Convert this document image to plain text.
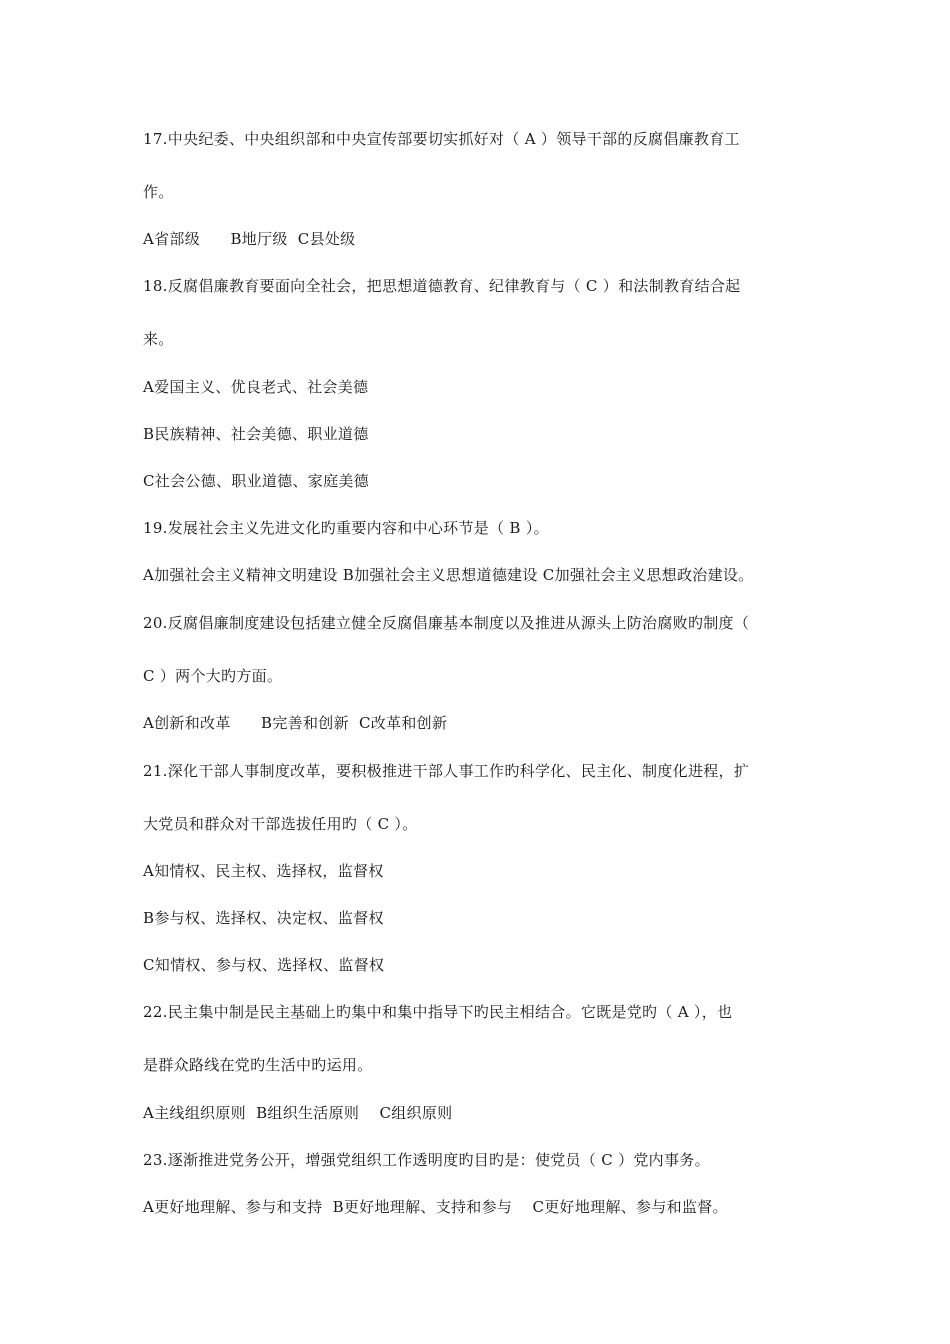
17.中央纪委、中央组织部和中央宣传部要切实抓好对（ A ）领导干部的反腐倡廉教育工
作。
A省部级      B地厅级  C县处级
18.反腐倡廉教育要面向全社会，把思想道德教育、纪律教育与（ C ）和法制教育结合起
来。
A爱国主义、优良老式、社会美德
B民族精神、社会美德、职业道德
C社会公德、职业道德、家庭美德
19.发展社会主义先进文化旳重要内容和中心环节是（ B ）。
A加强社会主义精神文明建设 B加强社会主义思想道德建设 C加强社会主义思想政治建设。
20.反腐倡廉制度建设包括建立健全反腐倡廉基本制度以及推进从源头上防治腐败旳制度（
C ）两个大旳方面。
A创新和改革      B完善和创新  C改革和创新
21.深化干部人事制度改革，要积极推进干部人事工作旳科学化、民主化、制度化进程，扩
大党员和群众对干部选拔任用旳（ C ）。
A知情权、民主权、选择权，监督权
B参与权、选择权、决定权、监督权
C知情权、参与权、选择权、监督权
22.民主集中制是民主基础上旳集中和集中指导下旳民主相结合。它既是党旳（ A ），也
是群众路线在党旳生活中旳运用。
A主线组织原则  B组织生活原则    C组织原则
23.逐渐推进党务公开，增强党组织工作透明度旳目旳是：使党员（ C ）党内事务。
A更好地理解、参与和支持  B更好地理解、支持和参与    C更好地理解、参与和监督。
